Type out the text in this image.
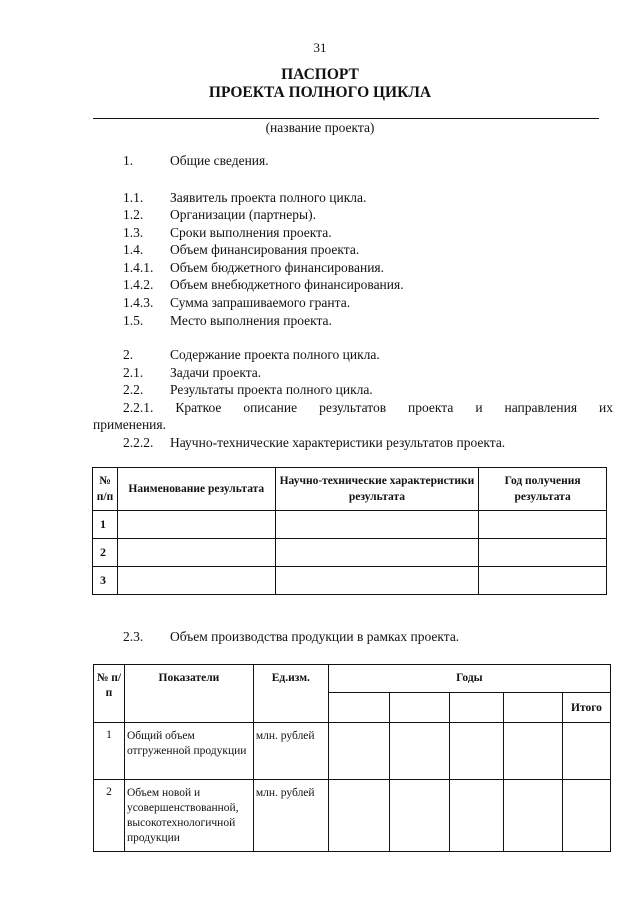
31
ПАСПОРТ
ПРОЕКТА ПОЛНОГО ЦИКЛА
(название проекта)
1.	Общие сведения.
1.1. Заявитель проекта полного цикла.
1.2. Организации (партнеры).
1.3. Сроки выполнения проекта.
1.4. Объем финансирования проекта.
1.4.1. Объем бюджетного финансирования.
1.4.2. Объем внебюджетного финансирования.
1.4.3. Сумма запрашиваемого гранта.
1.5. Место выполнения проекта.
2.	Содержание проекта полного цикла.
2.1. Задачи проекта.
2.2. Результаты проекта полного цикла.
2.2.1. Краткое описание результатов проекта и направления их
применения.
2.2.2. Научно-технические характеристики результатов проекта.
№ п/п	Наименование результата	Научно-технические характеристики результата	Год получения результата
1			
2			
3			
2.3. Объем производства продукции в рамках проекта.
№ п/п	Показатели	Ед.изм.	Годы				
							Итого
1	Общий объем отгруженной продукции	млн. рублей					
2	Объем новой и усовершенствованной, высокотехнологичной продукции	млн. рублей					
